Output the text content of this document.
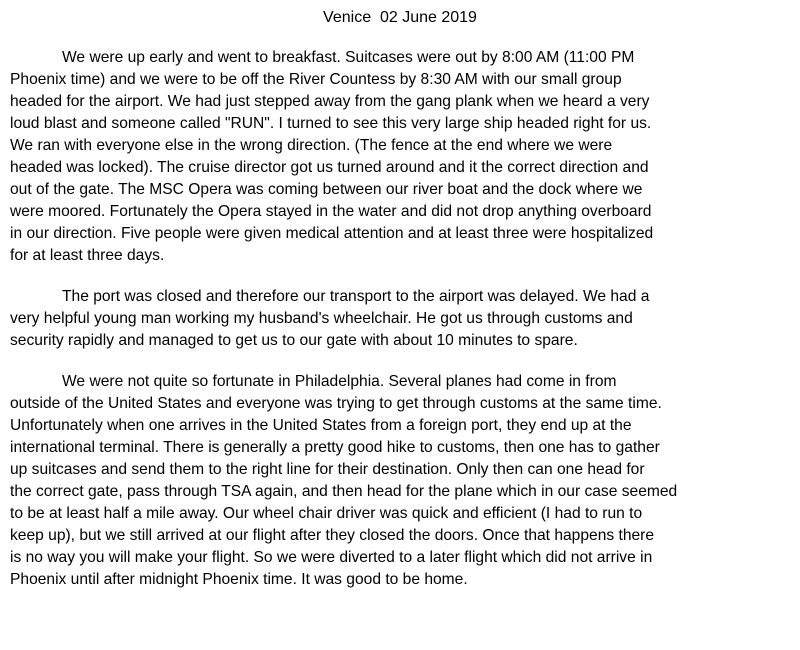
Venice  02 June 2019
We were up early and went to breakfast. Suitcases were out by 8:00 AM (11:00 PM
Phoenix time) and we were to be off the River Countess by 8:30 AM with our small group
headed for the airport. We had just stepped away from the gang plank when we heard a very
loud blast and someone called "RUN". I turned to see this very large ship headed right for us.
We ran with everyone else in the wrong direction. (The fence at the end where we were
headed was locked). The cruise director got us turned around and it the correct direction and
out of the gate. The MSC Opera was coming between our river boat and the dock where we
were moored. Fortunately the Opera stayed in the water and did not drop anything overboard
in our direction. Five people were given medical attention and at least three were hospitalized
for at least three days.
The port was closed and therefore our transport to the airport was delayed. We had a
very helpful young man working my husband's wheelchair. He got us through customs and
security rapidly and managed to get us to our gate with about 10 minutes to spare.
We were not quite so fortunate in Philadelphia. Several planes had come in from
outside of the United States and everyone was trying to get through customs at the same time.
Unfortunately when one arrives in the United States from a foreign port, they end up at the
international terminal. There is generally a pretty good hike to customs, then one has to gather
up suitcases and send them to the right line for their destination. Only then can one head for
the correct gate, pass through TSA again, and then head for the plane which in our case seemed
to be at least half a mile away. Our wheel chair driver was quick and efficient (I had to run to
keep up), but we still arrived at our flight after they closed the doors. Once that happens there
is no way you will make your flight. So we were diverted to a later flight which did not arrive in
Phoenix until after midnight Phoenix time. It was good to be home.
